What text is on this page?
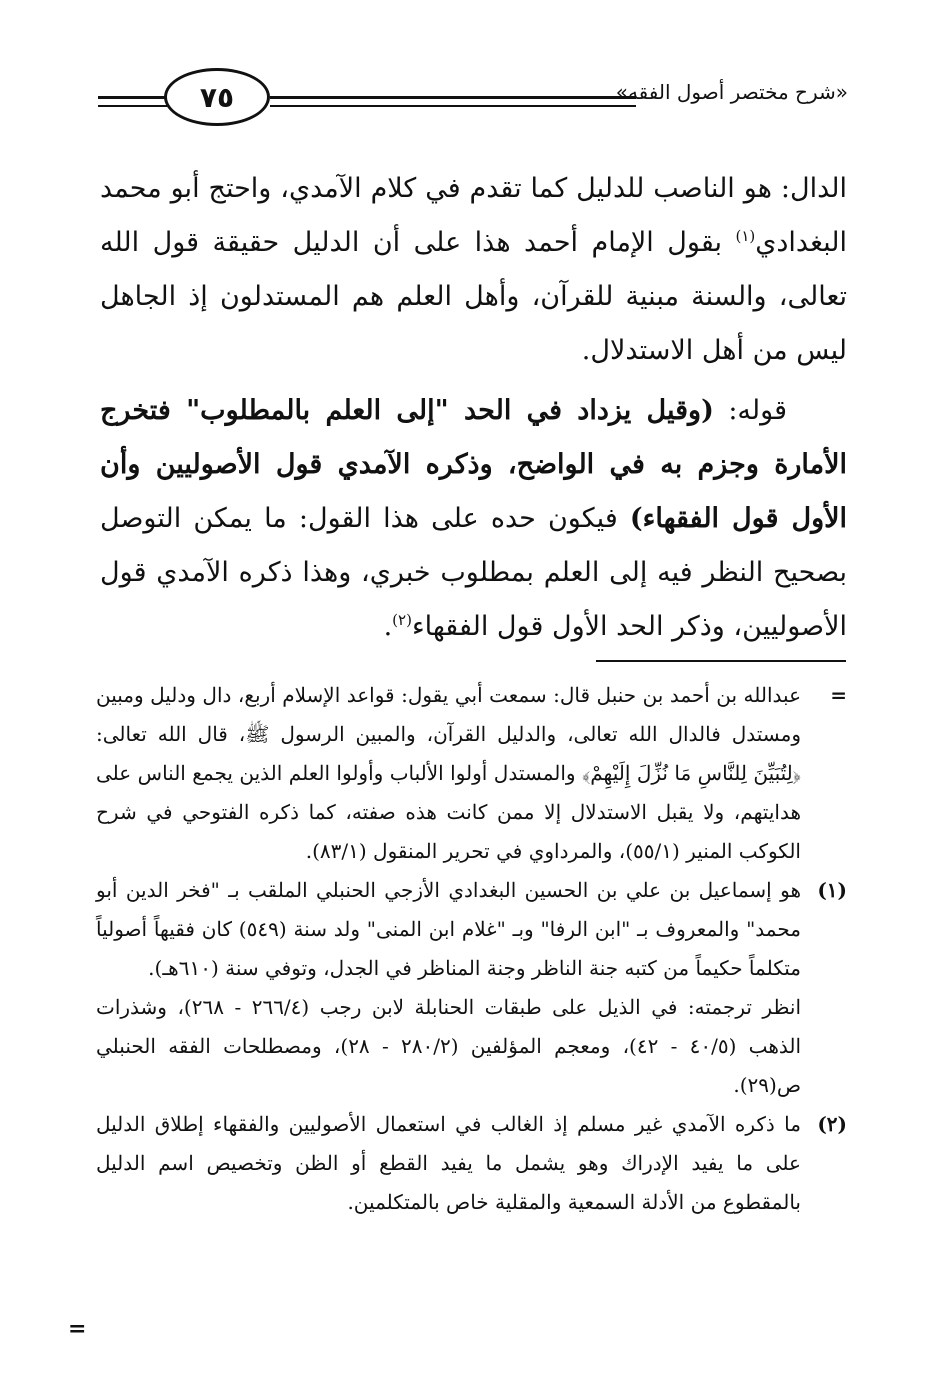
«شرح مختصر أصول الفقه»
٧٥

الدال: هو الناصب للدليل كما تقدم في كلام الآمدي، واحتج أبو محمد البغدادي$^{(١)}$ بقول الإمام أحمد هذا على أن الدليل حقيقة قول الله تعالى، والسنة مبنية للقرآن، وأهل العلم هم المستدلون إذ الجاهل ليس من أهل الاستدلال.

قوله: (وقيل يزداد في الحد "إلى العلم بالمطلوب" فتخرج الأمارة وجزم به في الواضح، وذكره الآمدي قول الأصوليين وأن الأول قول الفقهاء) فيكون حده على هذا القول: ما يمكن التوصل بصحيح النظر فيه إلى العلم بمطلوب خبري، وهذا ذكره الآمدي قول الأصوليين، وذكر الحد الأول قول الفقهاء$^{(٢)}$.

=
عبدالله بن أحمد بن حنبل قال: سمعت أبي يقول: قواعد الإسلام أربع، دال ودليل ومبين ومستدل فالدال الله تعالى، والدليل القرآن، والمبين الرسول ﷺ، قال الله تعالى: ﴿لِتُبَيِّنَ لِلنَّاسِ مَا نُزِّلَ إِلَيْهِمْ﴾ والمستدل أولوا الألباب وأولوا العلم الذين يجمع الناس على هدايتهم، ولا يقبل الاستدلال إلا ممن كانت هذه صفته، كما ذكره الفتوحي في شرح الكوكب المنير (٥٥/١)، والمرداوي في تحرير المنقول (٨٣/١).
(١)
هو إسماعيل بن علي بن الحسين البغدادي الأزجي الحنبلي الملقب بـ "فخر الدين أبو محمد" والمعروف بـ "ابن الرفا" وبـ "غلام ابن المنى" ولد سنة (٥٤٩) كان فقيهاً أصولياً متكلماً حكيماً من كتبه جنة الناظر وجنة المناظر في الجدل، وتوفي سنة (٦١٠هـ).
انظر ترجمته: في الذيل على طبقات الحنابلة لابن رجب (٢٦٦/٤ - ٢٦٨)، وشذرات الذهب (٤٠/٥ - ٤٢)، ومعجم المؤلفين (٢٨٠/٢ - ٢٨)، ومصطلحات الفقه الحنبلي ص(٢٩).
(٢)
ما ذكره الآمدي غير مسلم إذ الغالب في استعمال الأصوليين والفقهاء إطلاق الدليل على ما يفيد الإدراك وهو يشمل ما يفيد القطع أو الظن وتخصيص اسم الدليل بالمقطوع من الأدلة السمعية والمقلية خاص بالمتكلمين.
=
